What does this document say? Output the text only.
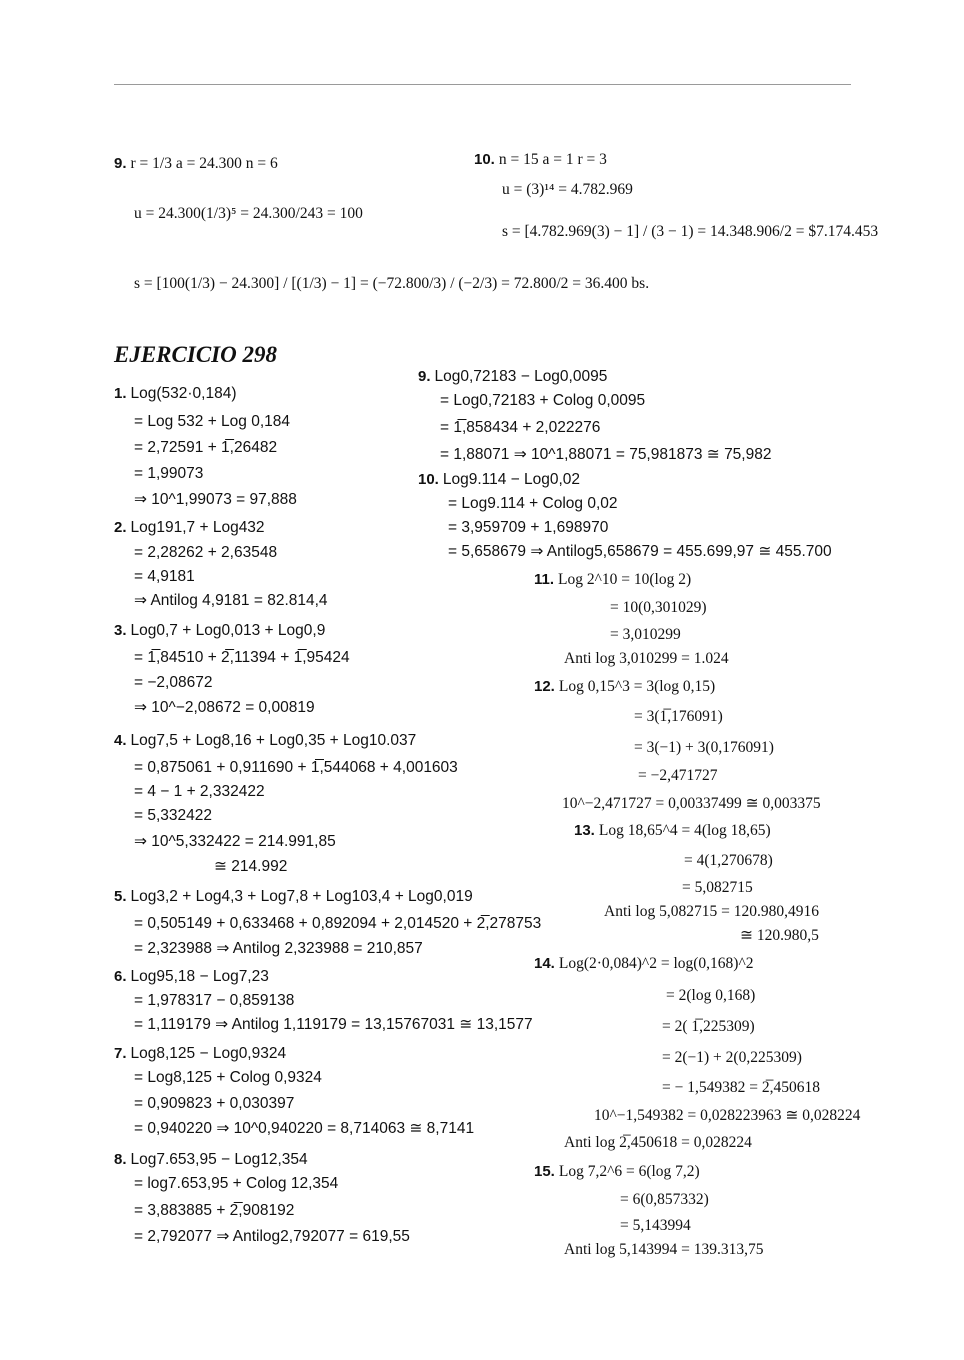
9. r = 1/3 a = 24.300 n = 6
u = 24.300(1/3)⁵ = 24.300/243 = 100
s = [100(1/3) − 24.300] / [(1/3) − 1] = (−72.800/3) / (−2/3) = 72.800/2 = 36.400 bs.
10. n = 15 a = 1 r = 3
u = (3)¹⁴ = 4.782.969
s = [4.782.969(3) − 1] / (3 − 1) = 14.348.906/2 = $7.174.453
EJERCICIO 298
1. Log(532·0,184)
= Log 532 + Log 0,184
= 2,72591 + 1̅,26482
= 1,99073
⇒ 10^1,99073 = 97,888
2. Log191,7 + Log432
= 2,28262 + 2,63548
= 4,9181
⇒ Antilog 4,9181 = 82.814,4
3. Log0,7 + Log0,013 + Log0,9
= 1̅,84510 + 2̅,11394 + 1̅,95424
= −2,08672
⇒ 10^−2,08672 = 0,00819
4. Log7,5 + Log8,16 + Log0,35 + Log10.037
= 0,875061 + 0,911690 + 1̅,544068 + 4,001603
= 4 − 1 + 2,332422
= 5,332422
⇒ 10^5,332422 = 214.991,85
≅ 214.992
5. Log3,2 + Log4,3 + Log7,8 + Log103,4 + Log0,019
= 0,505149 + 0,633468 + 0,892094 + 2,014520 + 2̅,278753
= 2,323988 ⇒ Antilog 2,323988 = 210,857
6. Log95,18 − Log7,23
= 1,978317 − 0,859138
= 1,119179 ⇒ Antilog 1,119179 = 13,15767031 ≅ 13,1577
7. Log8,125 − Log0,9324
= Log8,125 + Colog 0,9324
= 0,909823 + 0,030397
= 0,940220 ⇒ 10^0,940220 = 8,714063 ≅ 8,7141
8. Log7.653,95 − Log12,354
= log7.653,95 + Colog 12,354
= 3,883885 + 2̅,908192
= 2,792077 ⇒ Antilog2,792077 = 619,55
9. Log0,72183 − Log0,0095
= Log0,72183 + Colog 0,0095
= 1̅,858434 + 2,022276
= 1,88071 ⇒ 10^1,88071 = 75,981873 ≅ 75,982
10. Log9.114 − Log0,02
= Log9.114 + Colog 0,02
= 3,959709 + 1,698970
= 5,658679 ⇒ Antilog5,658679 = 455.699,97 ≅ 455.700
11. Log 2^10 = 10(log 2)
= 10(0,301029)
= 3,010299
Anti log 3,010299 = 1.024
12. Log 0,15^3 = 3(log 0,15)
= 3(1̅,176091)
= 3(−1) + 3(0,176091)
= −2,471727
10^−2,471727 = 0,00337499 ≅ 0,003375
13. Log 18,65^4 = 4(log 18,65)
= 4(1,270678)
= 5,082715
Anti log 5,082715 = 120.980,4916
≅ 120.980,5
14. Log(2·0,084)^2 = log(0,168)^2
= 2(log 0,168)
= 2( 1̅,225309)
= 2(−1) + 2(0,225309)
= − 1,549382 = 2̅,450618
10^−1,549382 = 0,028223963 ≅ 0,028224
Anti log 2̅,450618 = 0,028224
15. Log 7,2^6 = 6(log 7,2)
= 6(0,857332)
= 5,143994
Anti log 5,143994 = 139.313,75
